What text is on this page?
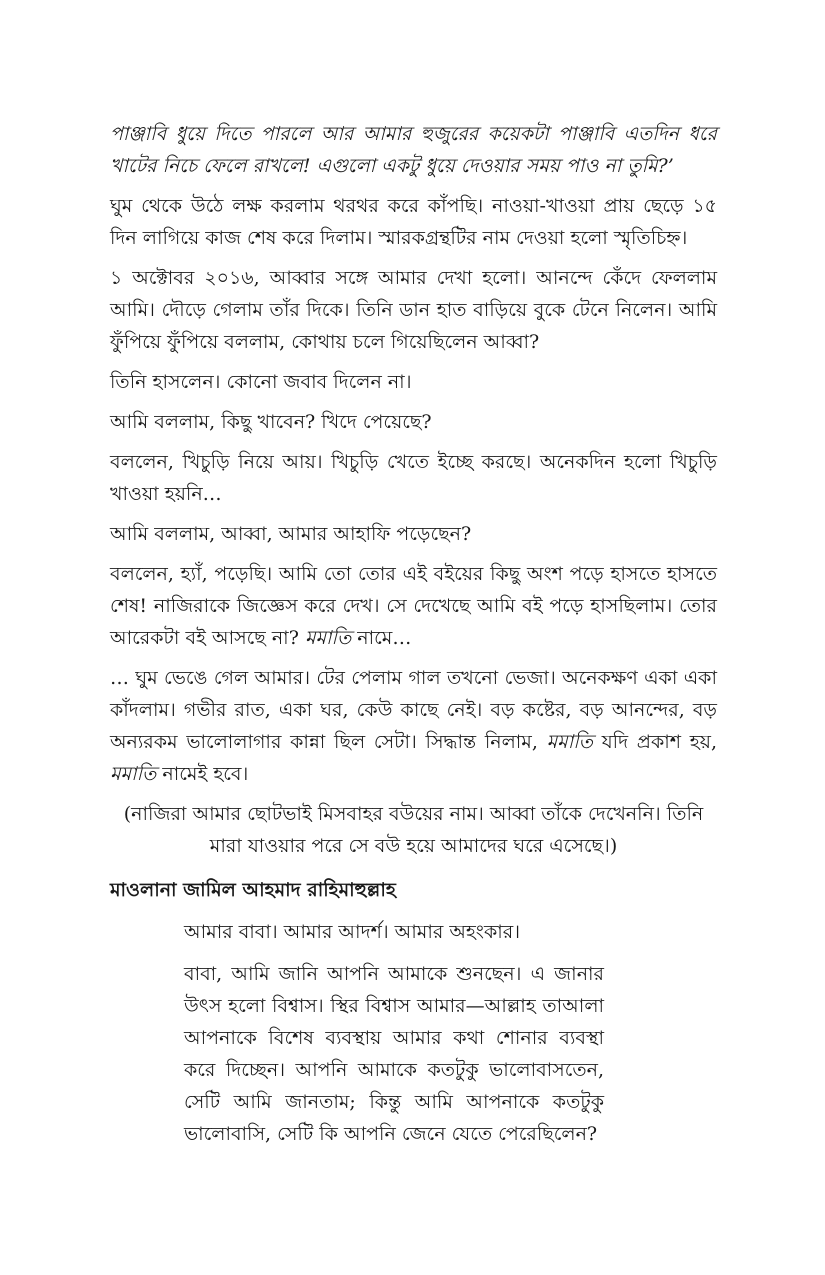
পাঞ্জাবি ধুয়ে দিতে পারলে আর আমার হুজুরের কয়েকটা পাঞ্জাবি এতদিন ধরে খাটের নিচে ফেলে রাখলে! এগুলো একটু ধুয়ে দেওয়ার সময় পাও না তুমি?’

ঘুম থেকে উঠে লক্ষ করলাম থরথর করে কাঁপছি। নাওয়া-খাওয়া প্রায় ছেড়ে ১৫ দিন লাগিয়ে কাজ শেষ করে দিলাম। স্মারকগ্রন্থটির নাম দেওয়া হলো স্মৃতিচিহ্ন।

১ অক্টোবর ২০১৬, আব্বার সঙ্গে আমার দেখা হলো। আনন্দে কেঁদে ফেললাম আমি। দৌড়ে গেলাম তাঁর দিকে। তিনি ডান হাত বাড়িয়ে বুকে টেনে নিলেন। আমি ফুঁপিয়ে ফুঁপিয়ে বললাম, কোথায় চলে গিয়েছিলেন আব্বা?

তিনি হাসলেন। কোনো জবাব দিলেন না।

আমি বললাম, কিছু খাবেন? খিদে পেয়েছে?

বললেন, খিচুড়ি নিয়ে আয়। খিচুড়ি খেতে ইচ্ছে করছে। অনেকদিন হলো খিচুড়ি খাওয়া হয়নি…

আমি বললাম, আব্বা, আমার আহাফি পড়েছেন?

বললেন, হ্যাঁ, পড়েছি। আমি তো তোর এই বইয়ের কিছু অংশ পড়ে হাসতে হাসতে শেষ! নাজিরাকে জিজ্ঞেস করে দেখ। সে দেখেছে আমি বই পড়ে হাসছিলাম। তোর আরেকটা বই আসছে না? মমাতি নামে…

… ঘুম ভেঙে গেল আমার। টের পেলাম গাল তখনো ভেজা। অনেকক্ষণ একা একা কাঁদলাম। গভীর রাত, একা ঘর, কেউ কাছে নেই। বড় কষ্টের, বড় আনন্দের, বড় অন্যরকম ভালোলাগার কান্না ছিল সেটা। সিদ্ধান্ত নিলাম, মমাতি যদি প্রকাশ হয়, মমাতি নামেই হবে।

(নাজিরা আমার ছোটভাই মিসবাহর বউয়ের নাম। আব্বা তাঁকে দেখেননি। তিনি মারা যাওয়ার পরে সে বউ হয়ে আমাদের ঘরে এসেছে।)

মাওলানা জামিল আহমাদ রাহিমাহুল্লাহ

আমার বাবা। আমার আদর্শ। আমার অহংকার।

বাবা, আমি জানি আপনি আমাকে শুনছেন। এ জানার উৎস হলো বিশ্বাস। স্থির বিশ্বাস আমার—আল্লাহ তাআলা আপনাকে বিশেষ ব্যবস্থায় আমার কথা শোনার ব্যবস্থা করে দিচ্ছেন। আপনি আমাকে কতটুকু ভালোবাসতেন, সেটি আমি জানতাম; কিন্তু আমি আপনাকে কতটুকু ভালোবাসি, সেটি কি আপনি জেনে যেতে পেরেছিলেন?
